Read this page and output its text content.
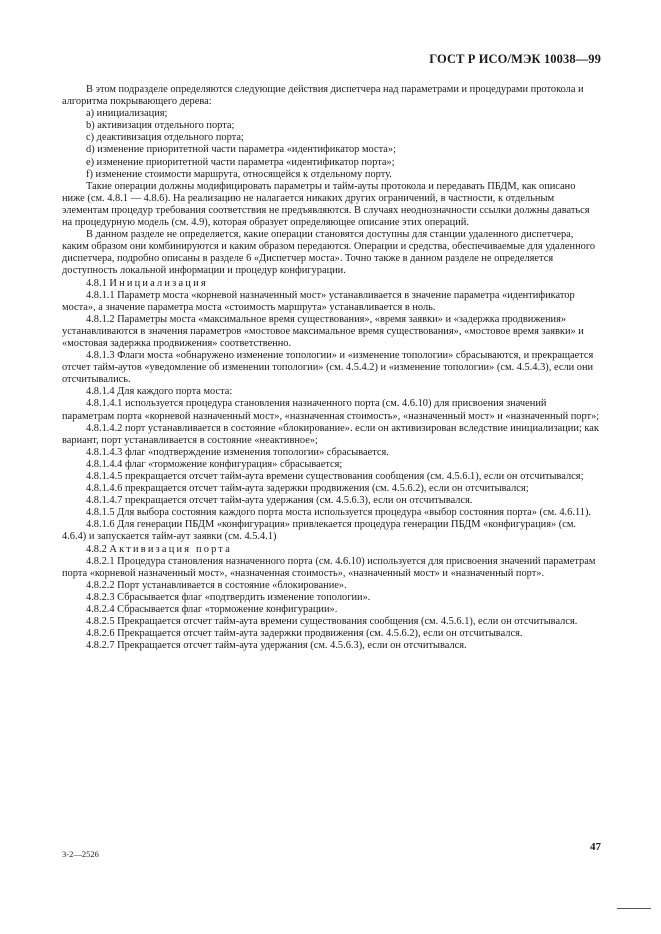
ГОСТ Р ИСО/МЭК 10038—99

В этом подразделе определяются следующие действия диспетчера над параметрами и процедурами протокола и алгоритма покрывающего дерева:

a) инициализация;

b) активизация отдельного порта;

c) деактивизация отдельного порта;

d) изменение приоритетной части параметра «идентификатор моста»;

e) изменение приоритетной части параметра «идентификатор порта»;

f) изменение стоимости маршрута, относящейся к отдельному порту.

Такие операции должны модифицировать параметры и тайм-ауты протокола и передавать ПБДМ, как описано ниже (см. 4.8.1 — 4.8.6). На реализацию не налагается никаких других ограничений, в частности, к отдельным элементам процедур требования соответствия не предъявляются. В случаях неоднозначности ссылки должны даваться на процедурную модель (см. 4.9), которая образует определяющее описание этих операций.

В данном разделе не определяется, какие операции становятся доступны для станции удаленного диспетчера, каким образом они комбинируются и каким образом передаются. Операции и средства, обеспечиваемые для удаленного диспетчера, подробно описаны в разделе 6 «Диспетчер моста». Точно также в данном разделе не определяется доступность локальной информации и процедур конфигурации.

4.8.1 Инициализация

4.8.1.1 Параметр моста «корневой назначенный мост» устанавливается в значение параметра «идентификатор моста», а значение параметра моста «стоимость маршрута» устанавливается в ноль.

4.8.1.2 Параметры моста «максимальное время существования», «время заявки» и «задержка продвижения» устанавливаются в значения параметров «мостовое максимальное время существования», «мостовое время заявки» и «мостовая задержка продвижения» соответственно.

4.8.1.3 Флаги моста «обнаружено изменение топологии» и «изменение топологии» сбрасываются, и прекращается отсчет тайм-аутов «уведомление об изменении топологии» (см. 4.5.4.2) и «изменение топологии» (см. 4.5.4.3), если они отсчитывались.

4.8.1.4 Для каждого порта моста:

4.8.1.4.1 используется процедура становления назначенного порта (см. 4.6.10) для присвоения значений параметрам порта «корневой назначенный мост», «назначенная стоимость», «назначенный мост» и «назначенный порт»;

4.8.1.4.2 порт устанавливается в состояние «блокирование». если он активизирован вследствие инициализации; как вариант, порт устанавливается в состояние «неактивное»;

4.8.1.4.3 флаг «подтверждение изменения топологии» сбрасывается.

4.8.1.4.4 флаг «торможение конфигурация» сбрасывается;

4.8.1.4.5 прекращается отсчет тайм-аута времени существования сообщения (см. 4.5.6.1), если он отсчитывался;

4.8.1.4.6 прекращается отсчет тайм-аута задержки продвижения (см. 4.5.6.2), если он отсчитывался;

4.8.1.4.7 прекращается отсчет тайм-аута удержания (см. 4.5.6.3), если он отсчитывался.

4.8.1.5 Для выбора состояния каждого порта моста используется процедура «выбор состояния порта» (см. 4.6.11).

4.8.1.6 Для генерации ПБДМ «конфигурация» привлекается процедура генерации ПБДМ «конфигурация» (см. 4.6.4) и запускается тайм-аут заявки (см. 4.5.4.1)

4.8.2 Активизация порта

4.8.2.1 Процедура становления назначенного порта (см. 4.6.10) используется для присвоения значений параметрам порта «корневой назначенный мост», «назначенная стоимость», «назначенный мост» и «назначенный порт».

4.8.2.2 Порт устанавливается в состояние «блокирование».

4.8.2.3 Сбрасывается флаг «подтвердить изменение топологии».

4.8.2.4 Сбрасывается флаг «торможение конфигурации».

4.8.2.5 Прекращается отсчет тайм-аута времени существования сообщения (см. 4.5.6.1), если он отсчитывался.

4.8.2.6 Прекращается отсчет тайм-аута задержки продвижения (см. 4.5.6.2), если он отсчитывался.

4.8.2.7 Прекращается отсчет тайм-аута удержания (см. 4.5.6.3), если он отсчитывался.

3-2—2526
47
